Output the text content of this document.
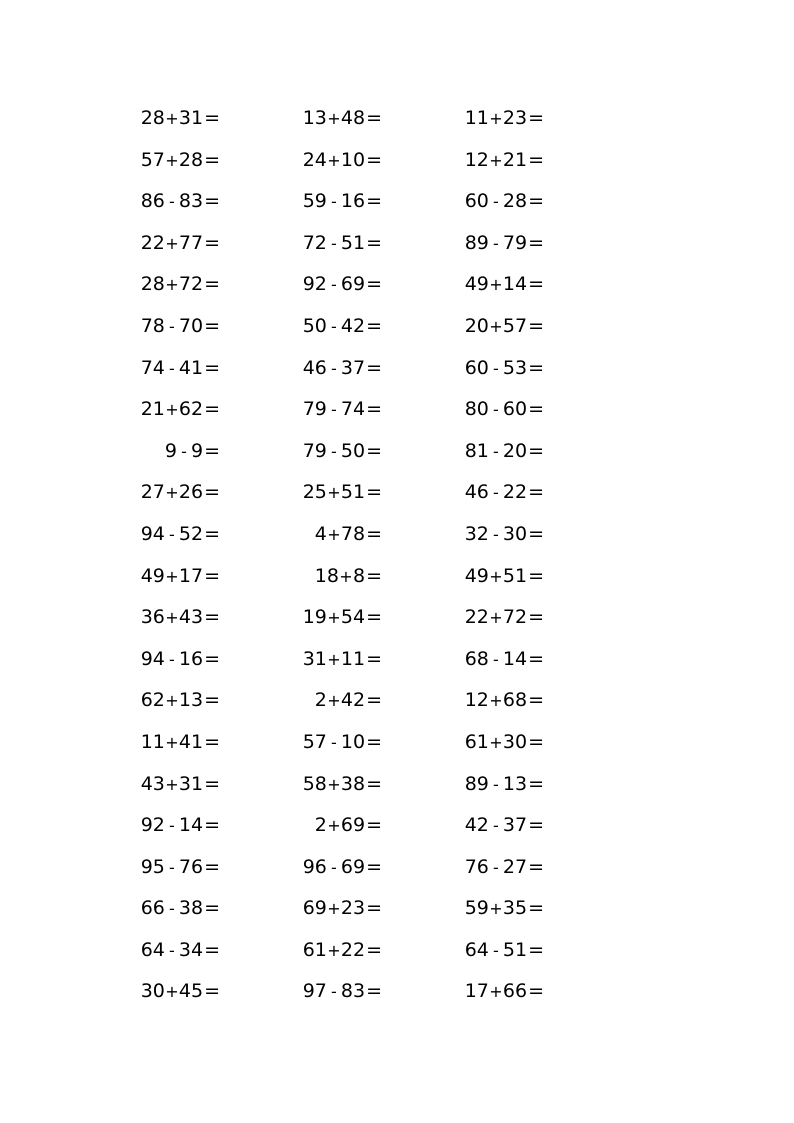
28 + 31 =	13 + 48 =	11 + 23 =
57 + 28 =	24 + 10 =	12 + 21 =
86 - 83 =	59 - 16 =	60 - 28 =
22 + 77 =	72 - 51 =	89 - 79 =
28 + 72 =	92 - 69 =	49 + 14 =
78 - 70 =	50 - 42 =	20 + 57 =
74 - 41 =	46 - 37 =	60 - 53 =
21 + 62 =	79 - 74 =	80 - 60 =
9 - 9 =	79 - 50 =	81 - 20 =
27 + 26 =	25 + 51 =	46 - 22 =
94 - 52 =	4 + 78 =	32 - 30 =
49 + 17 =	18 + 8 =	49 + 51 =
36 + 43 =	19 + 54 =	22 + 72 =
94 - 16 =	31 + 11 =	68 - 14 =
62 + 13 =	2 + 42 =	12 + 68 =
11 + 41 =	57 - 10 =	61 + 30 =
43 + 31 =	58 + 38 =	89 - 13 =
92 - 14 =	2 + 69 =	42 - 37 =
95 - 76 =	96 - 69 =	76 - 27 =
66 - 38 =	69 + 23 =	59 + 35 =
64 - 34 =	61 + 22 =	64 - 51 =
30 + 45 =	97 - 83 =	17 + 66 =
